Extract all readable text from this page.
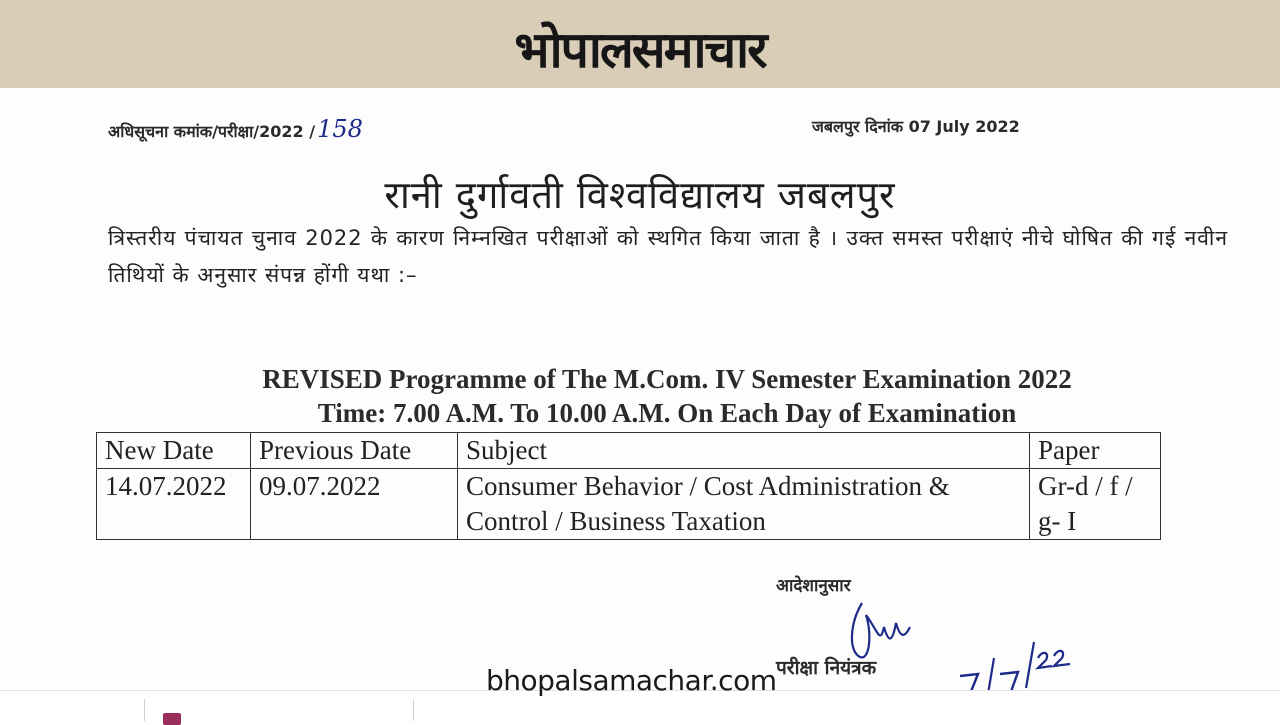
भोपालसमाचार
अधिसूचना कमांक/परीक्षा/2022 /158	जबलपुर दिनांक 07 July 2022
रानी दुर्गावती विश्वविद्यालय जबलपुर
त्रिस्तरीय पंचायत चुनाव 2022 के कारण निम्नखित परीक्षाओं को स्थगित किया जाता है । उक्त समस्त परीक्षाएं नीचे घोषित की गई नवीन तिथियों के अनुसार संपन्न होंगी यथा :–
REVISED Programme of The M.Com. IV Semester Examination 2022
Time: 7.00 A.M. To 10.00 A.M. On Each Day of Examination
New Date	Previous Date	Subject	Paper
14.07.2022	09.07.2022	Consumer Behavior / Cost Administration & Control / Business Taxation	Gr-d / f / g- I
आदेशानुसार
परीक्षा नियंत्रक
bhopalsamachar.com
